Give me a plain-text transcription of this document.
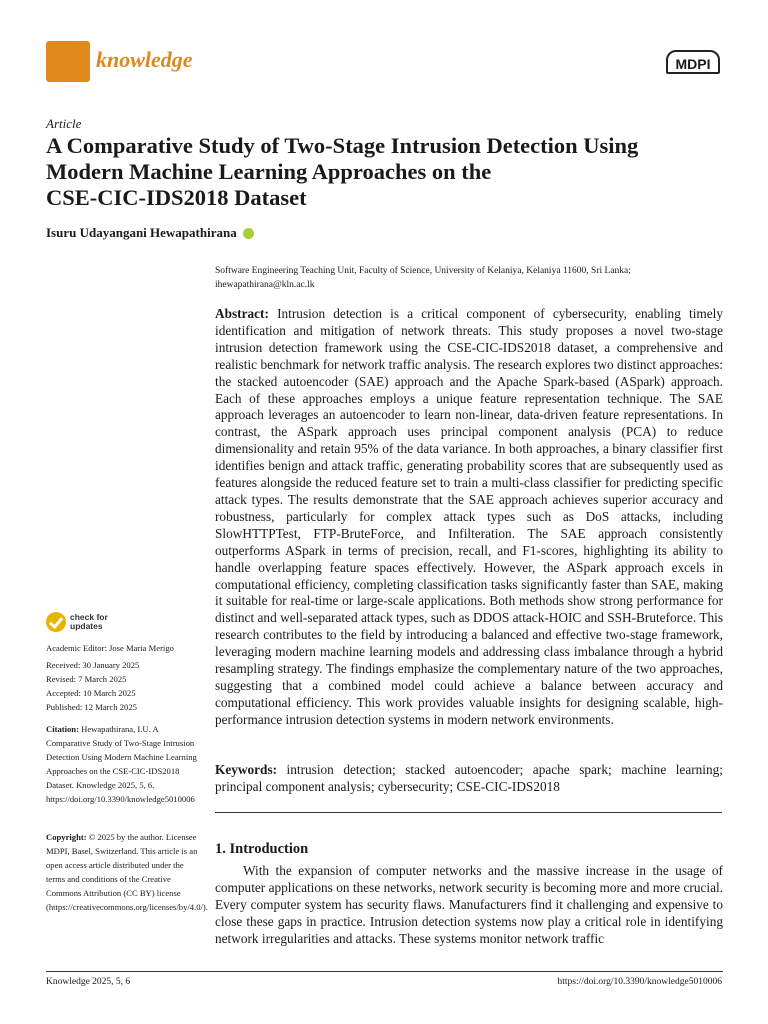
knowledge	MDPI
Article
A Comparative Study of Two-Stage Intrusion Detection Using
Modern Machine Learning Approaches on the
CSE-CIC-IDS2018 Dataset
Isuru Udayangani Hewapathirana
Software Engineering Teaching Unit, Faculty of Science, University of Kelaniya, Kelaniya 11600, Sri Lanka;
ihewapathirana@kln.ac.lk
Abstract: Intrusion detection is a critical component of cybersecurity, enabling timely identification and mitigation of network threats. This study proposes a novel two-stage intrusion detection framework using the CSE-CIC-IDS2018 dataset, a comprehensive and realistic benchmark for network traffic analysis. The research explores two distinct approaches: the stacked autoencoder (SAE) approach and the Apache Spark-based (ASpark) approach. Each of these approaches employs a unique feature representation technique. The SAE approach leverages an autoencoder to learn non-linear, data-driven feature representations. In contrast, the ASpark approach uses principal component analysis (PCA) to reduce dimensionality and retain 95% of the data variance. In both approaches, a binary classifier first identifies benign and attack traffic, generating probability scores that are subsequently used as features alongside the reduced feature set to train a multi-class classifier for predicting specific attack types. The results demonstrate that the SAE approach achieves superior accuracy and robustness, particularly for complex attack types such as DoS attacks, including SlowHTTPTest, FTP-BruteForce, and Infilteration. The SAE approach consistently outperforms ASpark in terms of precision, recall, and F1-scores, highlighting its ability to handle overlapping feature spaces effectively. However, the ASpark approach excels in computational efficiency, completing classification tasks significantly faster than SAE, making it suitable for real-time or large-scale applications. Both methods show strong performance for distinct and well-separated attack types, such as DDOS attack-HOIC and SSH-Bruteforce. This research contributes to the field by introducing a balanced and effective two-stage framework, leveraging modern machine learning models and addressing class imbalance through a hybrid resampling strategy. The findings emphasize the complementary nature of the two approaches, suggesting that a combined model could achieve a balance between accuracy and computational efficiency. This work provides valuable insights for designing scalable, high-performance intrusion detection systems in modern network environments.
Keywords: intrusion detection; stacked autoencoder; apache spark; machine learning; principal component analysis; cybersecurity; CSE-CIC-IDS2018
1. Introduction
With the expansion of computer networks and the massive increase in the usage of computer applications on these networks, network security is becoming more and more crucial. Every computer system has security flaws. Manufacturers find it challenging and expensive to close these gaps in practice. Intrusion detection systems now play a critical role in identifying network irregularities and attacks. These systems monitor network traffic
check for
updates
Academic Editor: Jose Maria Merigo
Received: 30 January 2025
Revised: 7 March 2025
Accepted: 10 March 2025
Published: 12 March 2025
Citation: Hewapathirana, I.U. A Comparative Study of Two-Stage Intrusion Detection Using Modern Machine Learning Approaches on the CSE-CIC-IDS2018 Dataset. Knowledge 2025, 5, 6. https://doi.org/10.3390/knowledge5010006
Copyright: © 2025 by the author. Licensee MDPI, Basel, Switzerland. This article is an open access article distributed under the terms and conditions of the Creative Commons Attribution (CC BY) license (https://creativecommons.org/licenses/by/4.0/).
Knowledge 2025, 5, 6	https://doi.org/10.3390/knowledge5010006
